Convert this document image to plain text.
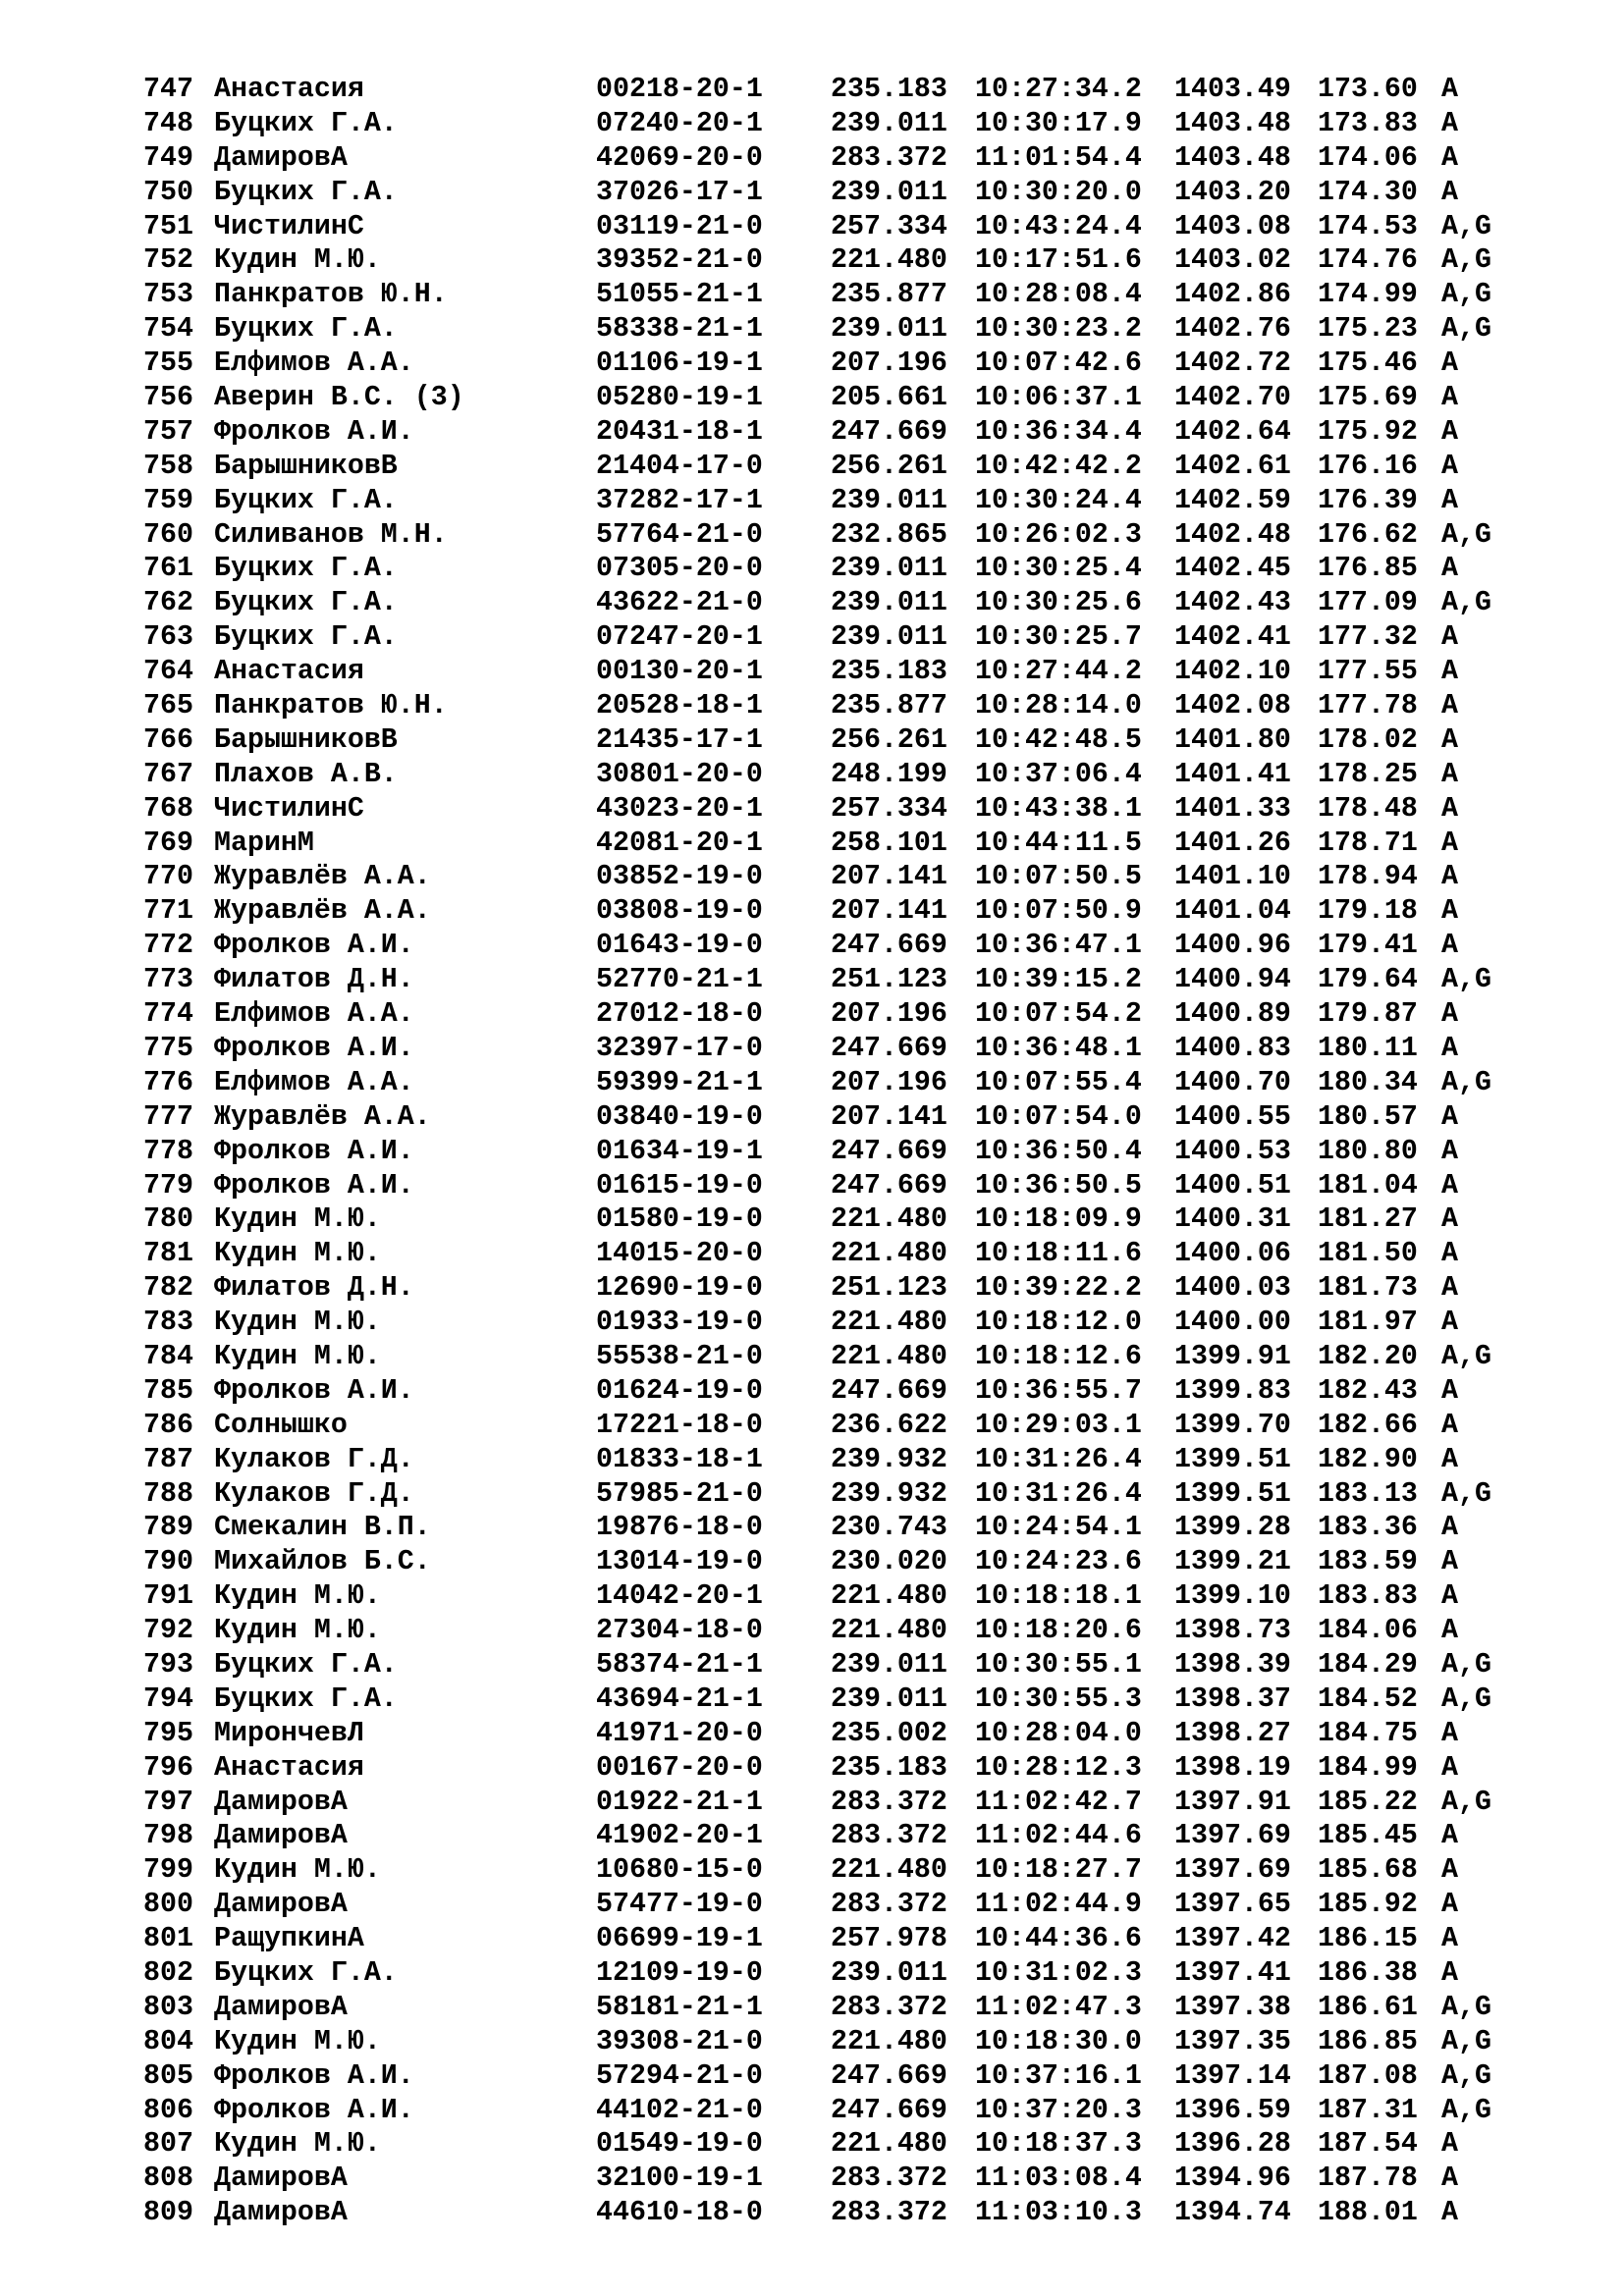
747 Анастасия	00218-20-1 235.183 10:27:34.2 1403.49 173.60 A
748 Буцких Г.А.	07240-20-1 239.011 10:30:17.9 1403.48 173.83 A
749 ДамировА	42069-20-0 283.372 11:01:54.4 1403.48 174.06 A
750 Буцких Г.А.	37026-17-1 239.011 10:30:20.0 1403.20 174.30 A
751 ЧистилинС	03119-21-0 257.334 10:43:24.4 1403.08 174.53 A,G
752 Кудин М.Ю.	39352-21-0 221.480 10:17:51.6 1403.02 174.76 A,G
753 Панкратов Ю.Н.	51055-21-1 235.877 10:28:08.4 1402.86 174.99 A,G
754 Буцких Г.А.	58338-21-1 239.011 10:30:23.2 1402.76 175.23 A,G
755 Елфимов А.А.	01106-19-1 207.196 10:07:42.6 1402.72 175.46 A
756 Аверин В.С. (3)	05280-19-1 205.661 10:06:37.1 1402.70 175.69 A
757 Фролков А.И.	20431-18-1 247.669 10:36:34.4 1402.64 175.92 A
758 БарышниковВ	21404-17-0 256.261 10:42:42.2 1402.61 176.16 A
759 Буцких Г.А.	37282-17-1 239.011 10:30:24.4 1402.59 176.39 A
760 Силиванов М.Н.	57764-21-0 232.865 10:26:02.3 1402.48 176.62 A,G
761 Буцких Г.А.	07305-20-0 239.011 10:30:25.4 1402.45 176.85 A
762 Буцких Г.А.	43622-21-0 239.011 10:30:25.6 1402.43 177.09 A,G
763 Буцких Г.А.	07247-20-1 239.011 10:30:25.7 1402.41 177.32 A
764 Анастасия	00130-20-1 235.183 10:27:44.2 1402.10 177.55 A
765 Панкратов Ю.Н.	20528-18-1 235.877 10:28:14.0 1402.08 177.78 A
766 БарышниковВ	21435-17-1 256.261 10:42:48.5 1401.80 178.02 A
767 Плахов А.В.	30801-20-0 248.199 10:37:06.4 1401.41 178.25 A
768 ЧистилинС	43023-20-1 257.334 10:43:38.1 1401.33 178.48 A
769 МаринМ	42081-20-1 258.101 10:44:11.5 1401.26 178.71 A
770 Журавлёв А.А.	03852-19-0 207.141 10:07:50.5 1401.10 178.94 A
771 Журавлёв А.А.	03808-19-0 207.141 10:07:50.9 1401.04 179.18 A
772 Фролков А.И.	01643-19-0 247.669 10:36:47.1 1400.96 179.41 A
773 Филатов Д.Н.	52770-21-1 251.123 10:39:15.2 1400.94 179.64 A,G
774 Елфимов А.А.	27012-18-0 207.196 10:07:54.2 1400.89 179.87 A
775 Фролков А.И.	32397-17-0 247.669 10:36:48.1 1400.83 180.11 A
776 Елфимов А.А.	59399-21-1 207.196 10:07:55.4 1400.70 180.34 A,G
777 Журавлёв А.А.	03840-19-0 207.141 10:07:54.0 1400.55 180.57 A
778 Фролков А.И.	01634-19-1 247.669 10:36:50.4 1400.53 180.80 A
779 Фролков А.И.	01615-19-0 247.669 10:36:50.5 1400.51 181.04 A
780 Кудин М.Ю.	01580-19-0 221.480 10:18:09.9 1400.31 181.27 A
781 Кудин М.Ю.	14015-20-0 221.480 10:18:11.6 1400.06 181.50 A
782 Филатов Д.Н.	12690-19-0 251.123 10:39:22.2 1400.03 181.73 A
783 Кудин М.Ю.	01933-19-0 221.480 10:18:12.0 1400.00 181.97 A
784 Кудин М.Ю.	55538-21-0 221.480 10:18:12.6 1399.91 182.20 A,G
785 Фролков А.И.	01624-19-0 247.669 10:36:55.7 1399.83 182.43 A
786 Солнышко	17221-18-0 236.622 10:29:03.1 1399.70 182.66 A
787 Кулаков Г.Д.	01833-18-1 239.932 10:31:26.4 1399.51 182.90 A
788 Кулаков Г.Д.	57985-21-0 239.932 10:31:26.4 1399.51 183.13 A,G
789 Смекалин В.П.	19876-18-0 230.743 10:24:54.1 1399.28 183.36 A
790 Михайлов Б.С.	13014-19-0 230.020 10:24:23.6 1399.21 183.59 A
791 Кудин М.Ю.	14042-20-1 221.480 10:18:18.1 1399.10 183.83 A
792 Кудин М.Ю.	27304-18-0 221.480 10:18:20.6 1398.73 184.06 A
793 Буцких Г.А.	58374-21-1 239.011 10:30:55.1 1398.39 184.29 A,G
794 Буцких Г.А.	43694-21-1 239.011 10:30:55.3 1398.37 184.52 A,G
795 МирончевЛ	41971-20-0 235.002 10:28:04.0 1398.27 184.75 A
796 Анастасия	00167-20-0 235.183 10:28:12.3 1398.19 184.99 A
797 ДамировА	01922-21-1 283.372 11:02:42.7 1397.91 185.22 A,G
798 ДамировА	41902-20-1 283.372 11:02:44.6 1397.69 185.45 A
799 Кудин М.Ю.	10680-15-0 221.480 10:18:27.7 1397.69 185.68 A
800 ДамировА	57477-19-0 283.372 11:02:44.9 1397.65 185.92 A
801 РащупкинА	06699-19-1 257.978 10:44:36.6 1397.42 186.15 A
802 Буцких Г.А.	12109-19-0 239.011 10:31:02.3 1397.41 186.38 A
803 ДамировА	58181-21-1 283.372 11:02:47.3 1397.38 186.61 A,G
804 Кудин М.Ю.	39308-21-0 221.480 10:18:30.0 1397.35 186.85 A,G
805 Фролков А.И.	57294-21-0 247.669 10:37:16.1 1397.14 187.08 A,G
806 Фролков А.И.	44102-21-0 247.669 10:37:20.3 1396.59 187.31 A,G
807 Кудин М.Ю.	01549-19-0 221.480 10:18:37.3 1396.28 187.54 A
808 ДамировА	32100-19-1 283.372 11:03:08.4 1394.96 187.78 A
809 ДамировА	44610-18-0 283.372 11:03:10.3 1394.74 188.01 A
